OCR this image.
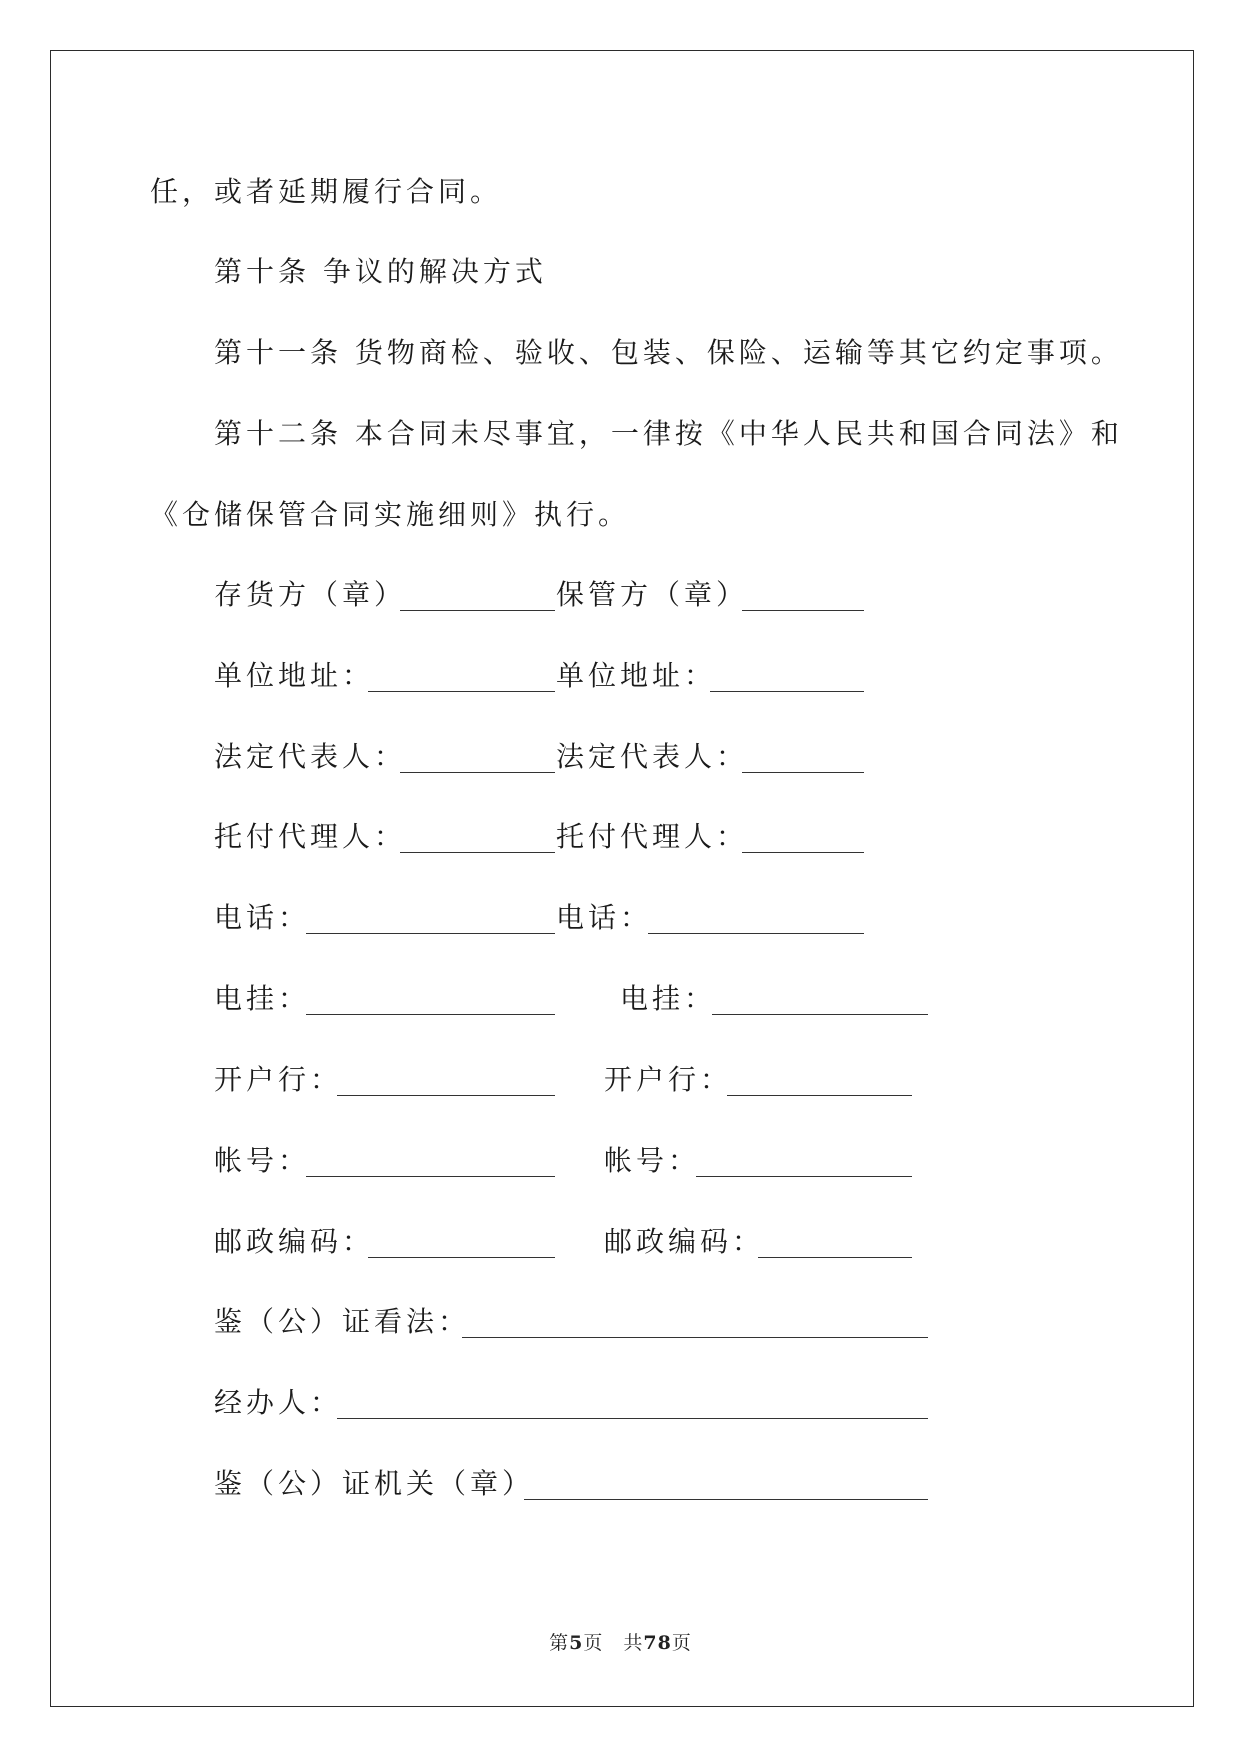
任，或者延期履行合同。
第十条 争议的解决方式
第十一条 货物商检、验收、包装、保险、运输等其它约定事项。
第十二条 本合同未尽事宜，一律按《中华人民共和国合同法》和
《仓储保管合同实施细则》执行。
存货方（章）	保管方（章）
单位地址：	单位地址：
法定代表人：	法定代表人：
托付代理人：	托付代理人：
电话：	电话：
电挂：	电挂：
开户行：	开户行：
帐号：	帐号：
邮政编码：	邮政编码：
鉴（公）证看法：
经办人：
鉴（公）证机关（章）
第5页　共78页
